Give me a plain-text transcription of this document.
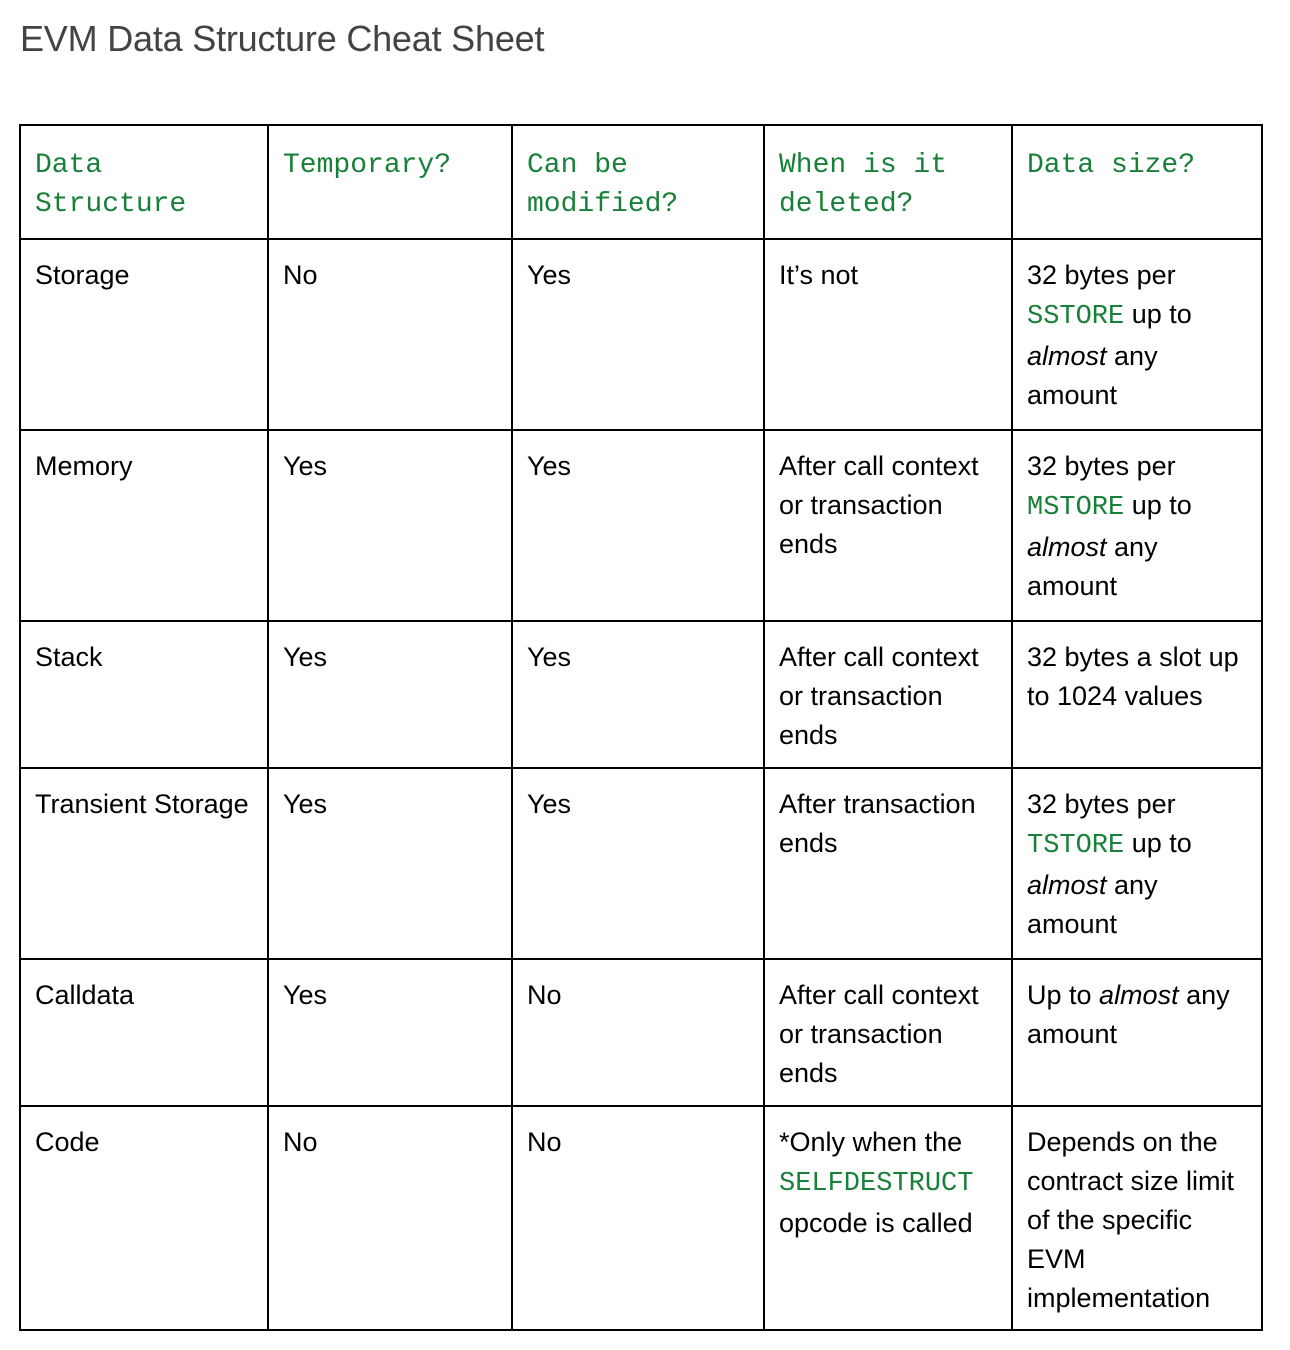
EVM Data Structure Cheat Sheet
Data Structure	Temporary?	Can be modified?	When is it deleted?	Data size?
Storage	No	Yes	It’s not	32 bytes per SSTORE up to almost any amount
Memory	Yes	Yes	After call context or transaction ends	32 bytes per MSTORE up to almost any amount
Stack	Yes	Yes	After call context or transaction ends	32 bytes a slot up to 1024 values
Transient Storage	Yes	Yes	After transaction ends	32 bytes per TSTORE up to almost any amount
Calldata	Yes	No	After call context or transaction ends	Up to almost any amount
Code	No	No	*Only when the SELFDESTRUCT opcode is called	Depends on the contract size limit of the specific EVM implementation
